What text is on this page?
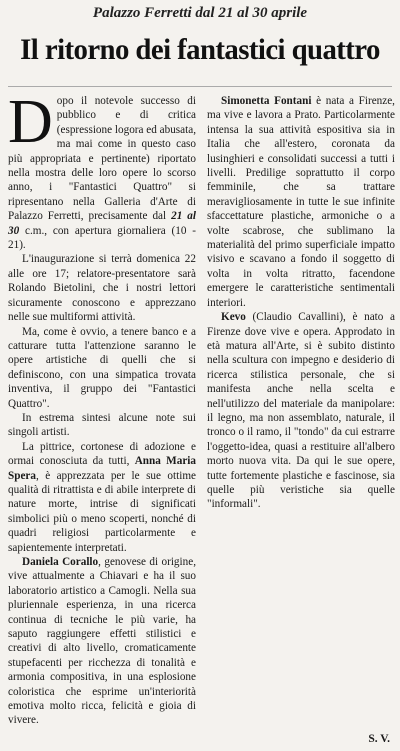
Palazzo Ferretti dal 21 al 30 aprile
Il ritorno dei fantastici quattro

Dopo il notevole successo di pubblico e di critica (espressione logora ed abusata, ma mai come in questo caso più appropriata e pertinente) riportato nella mostra delle loro opere lo scorso anno, i "Fantastici Quattro" si ripresentano nella Galleria d'Arte di Palazzo Ferretti, precisamente dal 21 al 30 c.m., con apertura giornaliera (10 - 21).

L'inaugurazione si terrà domenica 22 alle ore 17; relatore-presentatore sarà Rolando Bietolini, che i nostri lettori sicuramente conoscono e apprezzano nelle sue multiformi attività.

Ma, come è ovvio, a tenere banco e a catturare tutta l'attenzione saranno le opere artistiche di quelli che si definiscono, con una simpatica trovata inventiva, il gruppo dei "Fantastici Quattro".

In estrema sintesi alcune note sui singoli artisti.

La pittrice, cortonese di adozione e ormai conosciuta da tutti, Anna Maria Spera, è apprezzata per le sue ottime qualità di ritrattista e di abile interprete di nature morte, intrise di significati simbolici più o meno scoperti, nonché di quadri religiosi particolarmente e sapientemente interpretati.

Daniela Corallo, genovese di origine, vive attualmente a Chiavari e ha il suo laboratorio artistico a Camogli. Nella sua pluriennale esperienza, in una ricerca continua di tecniche le più varie, ha saputo raggiungere effetti stilistici e creativi di alto livello, cromaticamente stupefacenti per ricchezza di tonalità e armonia compositiva, in una esplosione coloristica che esprime un'interiorità emotiva molto ricca, felicità e gioia di vivere.

Simonetta Fontani è nata a Firenze, ma vive e lavora a Prato. Particolarmente intensa la sua attività espositiva sia in Italia che all'estero, coronata da lusinghieri e consolidati successi a tutti i livelli. Predilige soprattutto il corpo femminile, che sa trattare meravigliosamente in tutte le sue infinite sfaccettature plastiche, armoniche o a volte scabrose, che sublimano la materialità del primo superficiale impatto visivo e scavano a fondo il soggetto di volta in volta ritratto, facendone emergere le caratteristiche sentimentali interiori.

Kevo (Claudio Cavallini), è nato a Firenze dove vive e opera. Approdato in età matura all'Arte, si è subito distinto nella scultura con impegno e desiderio di ricerca stilistica personale, che si manifesta anche nella scelta e nell'utilizzo del materiale da manipolare: il legno, ma non assemblato, naturale, il tronco o il ramo, il "tondo" da cui estrarre l'oggetto-idea, quasi a restituire all'albero morto nuova vita. Da qui le sue opere, tutte fortemente plastiche e fascinose, sia quelle più veristiche sia quelle "informali".

S. V.
